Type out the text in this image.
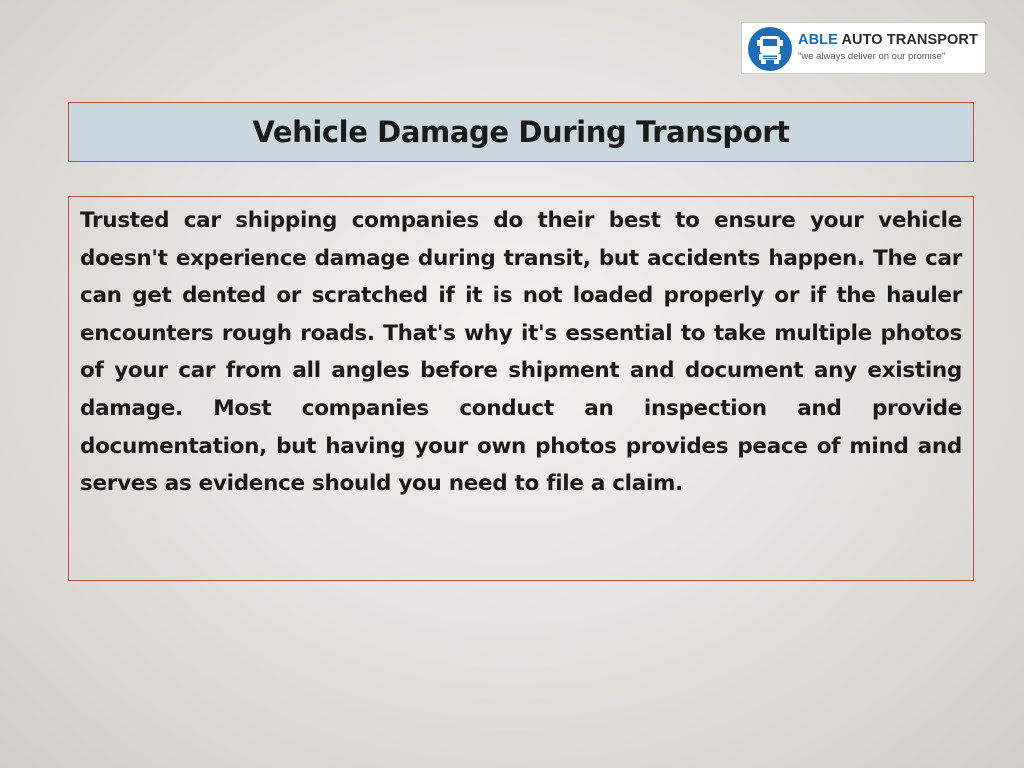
ABLE AUTO TRANSPORT
"we always deliver on our promise"
Vehicle Damage During Transport

Trusted car shipping companies do their best to ensure your vehicle doesn't experience damage during transit, but accidents happen. The car can get dented or scratched if it is not loaded properly or if the hauler encounters rough roads. That's why it's essential to take multiple photos of your car from all angles before shipment and document any existing damage. Most companies conduct an inspection and provide documentation, but having your own photos provides peace of mind and serves as evidence should you need to file a claim.
